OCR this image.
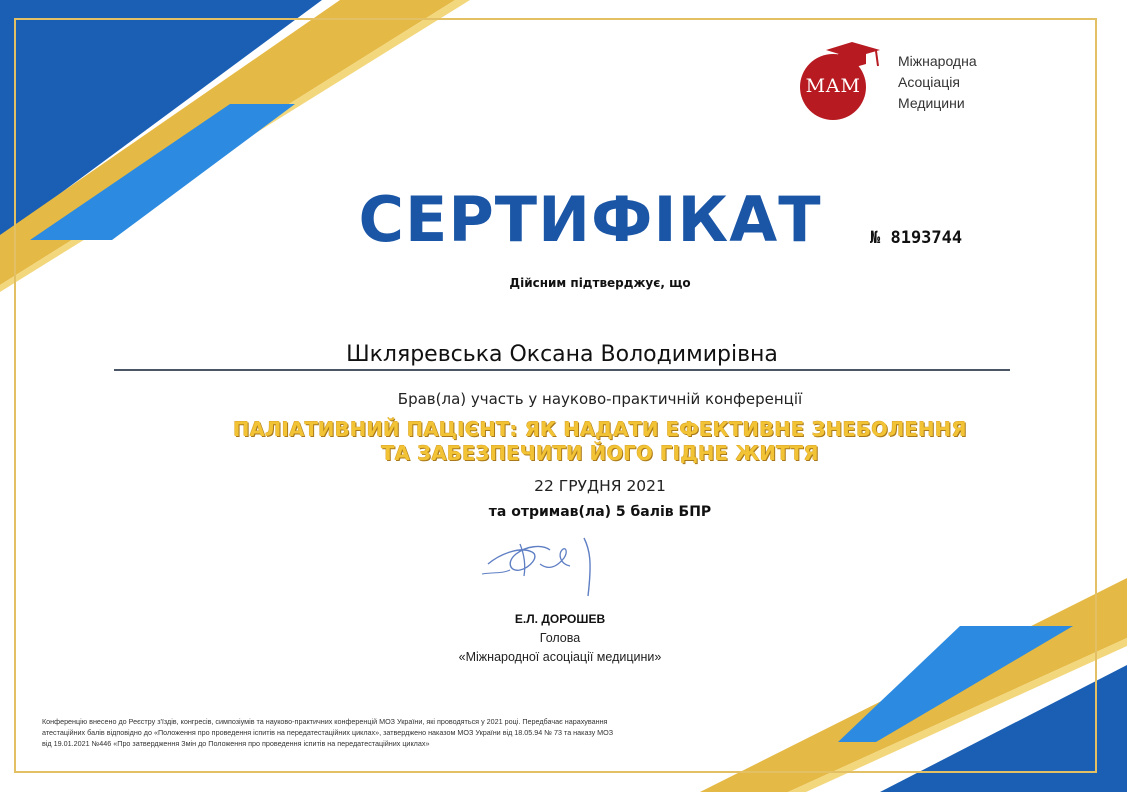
МАМ
Міжнародна
Асоціація
Медицини
СЕРТИФІКАТ	№ 8193744
Дійсним підтверджує, що
Шкляревська Оксана Володимирівна
Брав(ла) участь у науково-практичній конференції
ПАЛІАТИВНИЙ ПАЦІЄНТ: ЯК НАДАТИ ЕФЕКТИВНЕ ЗНЕБОЛЕННЯ
ТА ЗАБЕЗПЕЧИТИ ЙОГО ГІДНЕ ЖИТТЯ
22 ГРУДНЯ 2021
та отримав(ла) 5 балів БПР
Е.Л. ДОРОШЕВ
Голова
«Міжнародної асоціації медицини»
Конференцію внесено до Реєстру з'їздів, конгресів, симпозіумів та науково-практичних конференцій МОЗ України, які проводяться у 2021 році. Передбачає нарахування
атестаційних балів відповідно до «Положення про проведення іспитів на передатестаційних циклах», затверджено наказом МОЗ України від 18.05.94 № 73 та наказу МОЗ
від 19.01.2021 №446 «Про затвердження Змін до Положення про проведення іспитів на передатестаційних циклах»
